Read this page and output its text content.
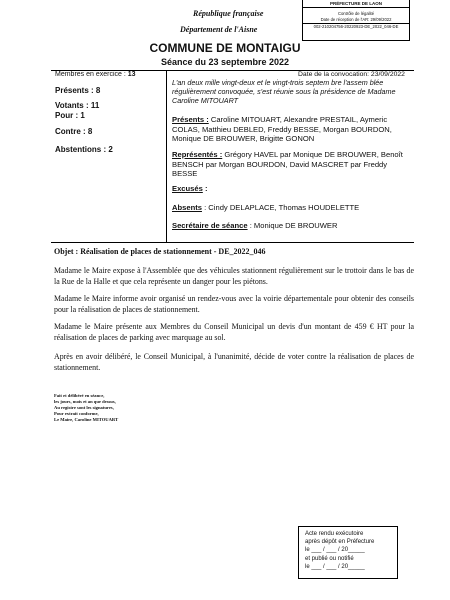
PRÉFECTURE DE LAON
Contrôle de légalité
Date de réception de l'AR: 29/09/2022
002-210204756-20220923-DE_2022_046-DE
République française
Département de l'Aisne
COMMUNE DE MONTAIGU
Séance du 23 septembre 2022
Membres en exercice : 13
Présents : 8
Votants : 11
Pour : 1
Contre : 8
Abstentions : 2
Date de la convocation: 23/09/2022
L'an deux mille vingt-deux et le vingt-trois septem bre l'assem blée régulièrement convoquée, s'est réunie sous la présidence de Madame Caroline MITOUART
Présents : Caroline MITOUART, Alexandre PRESTAIL, Aymeric COLAS, Matthieu DEBLED, Freddy BESSE, Morgan BOURDON, Monique DE BROUWER, Brigitte GONON
Représentés : Grégory HAVEL par Monique DE BROUWER, Benoît BENSCH par Morgan BOURDON, David MASCRET par Freddy BESSE
Excusés :
Absents : Cindy DELAPLACE, Thomas HOUDELETTE
Secrétaire de séance : Monique DE BROUWER
Objet : Réalisation de places de stationnement - DE_2022_046
Madame le Maire expose à l'Assemblée que des véhicules stationnent régulièrement sur le trottoir dans le bas de la Rue de la Halle et que cela représente un danger pour les piétons.
Madame le Maire informe avoir organisé un rendez-vous avec la voirie départementale pour obtenir des conseils pour la réalisation de places de stationnement.
Madame le Maire présente aux Membres du Conseil Municipal un devis d'un montant de 459 € HT pour la réalisation de places de parking avec marquage au sol.
Après en avoir délibéré, le Conseil Municipal, à l'unanimité, décide de voter contre la réalisation de places de stationnement.
Fait et délibéré en séance,
les jours, mois et an que dessus,
Au registre sont les signatures,
Pour extrait conforme,
Le Maire, Caroline MITOUART
Acte rendu exécutoire
après dépôt en Préfecture
le ___ / ___ / 20_____
et publié ou notifié
le ___ / ___ / 20_____
